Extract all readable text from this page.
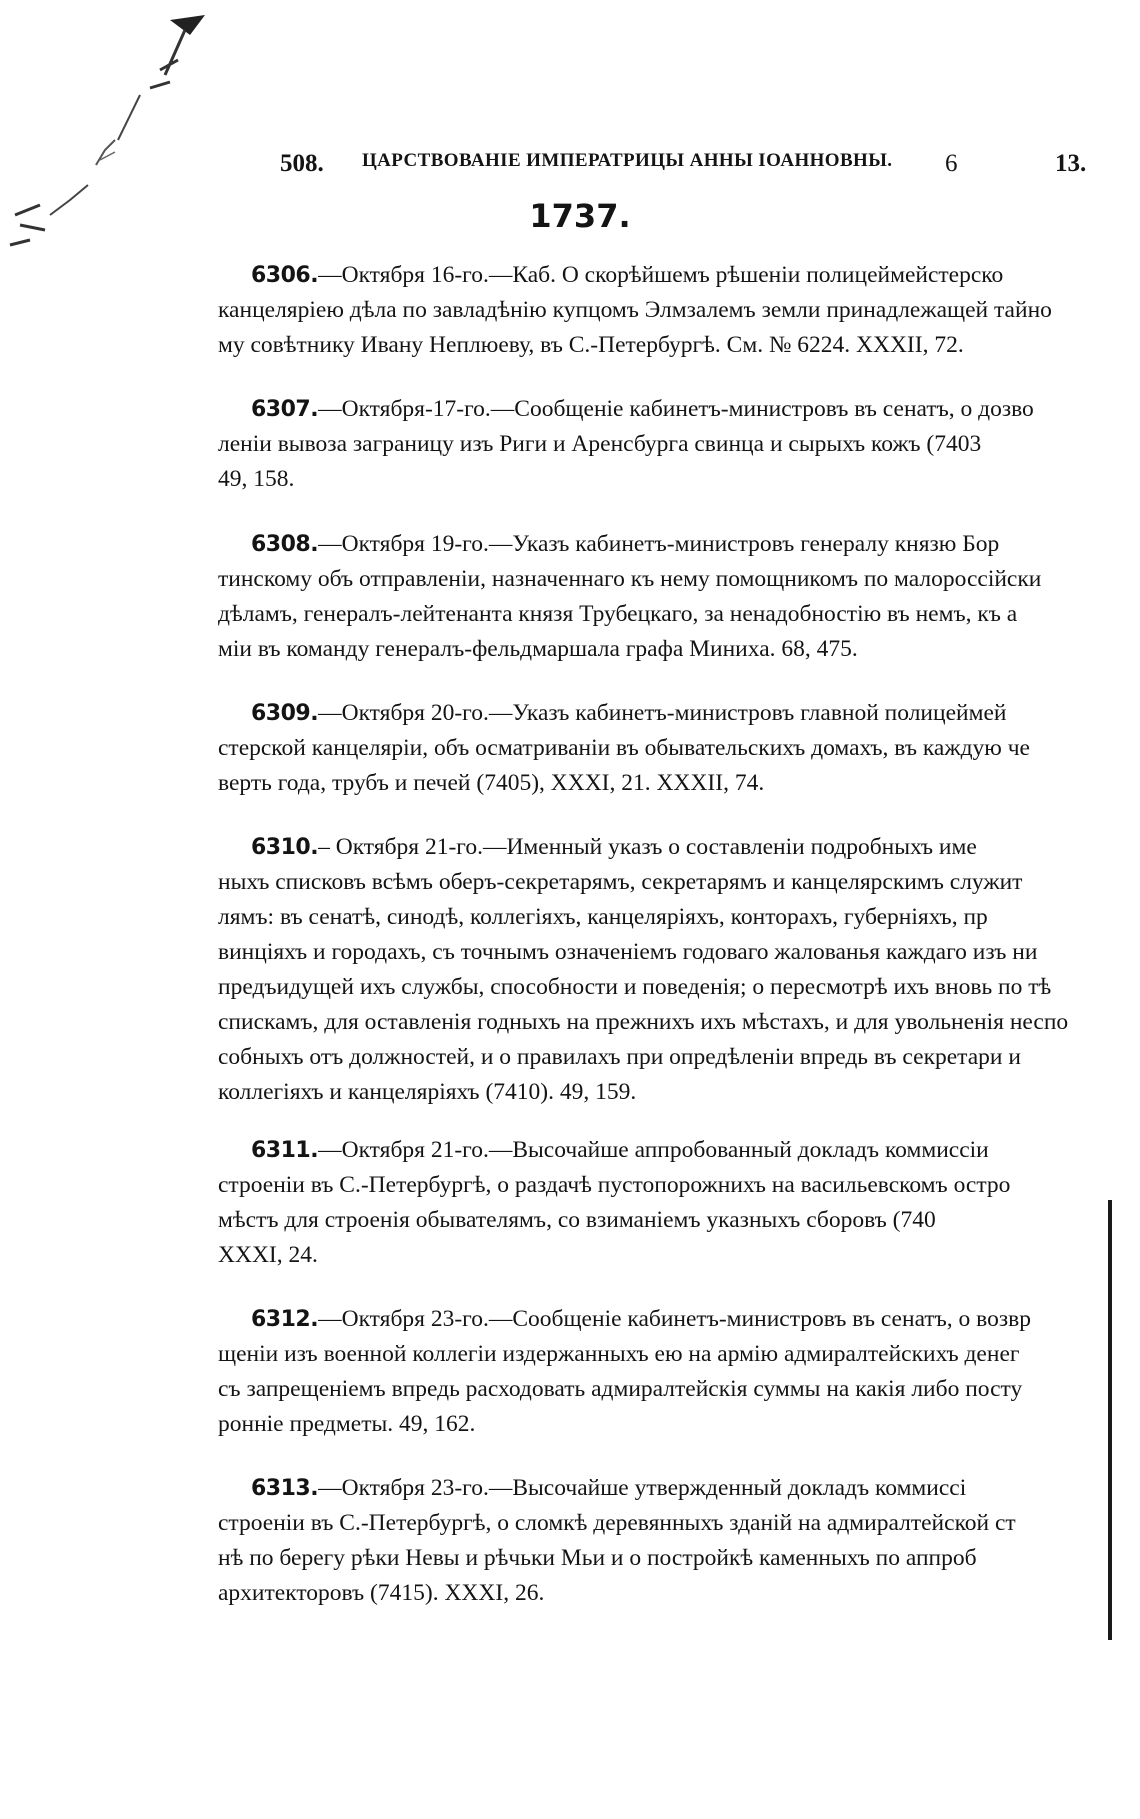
508. ЦАРСТВОВАНІЕ ИМПЕРАТРИЦЫ АННЫ ІОАННОВНЫ. 6	13.
1737.
6306.—Октября 16-го.—Каб. О скорѣйшемъ рѣшеніи полицеймейстерско
канцеляріею дѣла по завладѣнію купцомъ Элмзалемъ земли принадлежащей тайно
му совѣтнику Ивану Неплюеву, въ С.-Петербургѣ. См. № 6224. XXXII, 72.
6307.—Октября-17-го.—Сообщеніе кабинетъ-министровъ въ сенатъ, о дозво
леніи вывоза заграницу изъ Риги и Аренсбурга свинца и сырыхъ кожъ (7403
49, 158.
6308.—Октября 19-го.—Указъ кабинетъ-министровъ генералу князю Бор
тинскому объ отправленіи, назначеннаго къ нему помощникомъ по малороссійски
дѣламъ, генералъ-лейтенанта князя Трубецкаго, за ненадобностію въ немъ, къ а
міи въ команду генералъ-фельдмаршала графа Миниха. 68, 475.
6309.—Октября 20-го.—Указъ кабинетъ-министровъ главной полицеймей
стерской канцеляріи, объ осматриваніи въ обывательскихъ домахъ, въ каждую че
верть года, трубъ и печей (7405), XXXI, 21. XXXII, 74.
6310.– Октября 21-го.—Именный указъ о составленіи подробныхъ име
ныхъ списковъ всѣмъ оберъ-секретарямъ, секретарямъ и канцелярскимъ служит
лямъ: въ сенатѣ, синодѣ, коллегіяхъ, канцеляріяхъ, конторахъ, губерніяхъ, пр
винціяхъ и городахъ, съ точнымъ означеніемъ годоваго жалованья каждаго изъ ни
предъидущей ихъ службы, способности и поведенія; о пересмотрѣ ихъ вновь по тѣ
спискамъ, для оставленія годныхъ на прежнихъ ихъ мѣстахъ, и для увольненія неспо
собныхъ отъ должностей, и о правилахъ при опредѣленіи впредь въ секретари и
коллегіяхъ и канцеляріяхъ (7410). 49, 159.
6311.—Октября 21-го.—Высочайше аппробованный докладъ коммиссіи
строеніи въ С.-Петербургѣ, о раздачѣ пустопорожнихъ на васильевскомъ остро
мѣстъ для строенія обывателямъ, со взиманіемъ указныхъ сборовъ (740
XXXI, 24.
6312.—Октября 23-го.—Сообщеніе кабинетъ-министровъ въ сенатъ, о возвр
щеніи изъ военной коллегіи издержанныхъ ею на армію адмиралтейскихъ денег
съ запрещеніемъ впредь расходовать адмиралтейскія суммы на какія либо посту
ронніе предметы. 49, 162.
6313.—Октября 23-го.—Высочайше утвержденный докладъ коммиссі
строеніи въ С.-Петербургѣ, о сломкѣ деревянныхъ зданій на адмиралтейской ст
нѣ по берегу рѣки Невы и рѣчьки Мьи и о постройкѣ каменныхъ по аппроб
архитекторовъ (7415). XXXI, 26.
